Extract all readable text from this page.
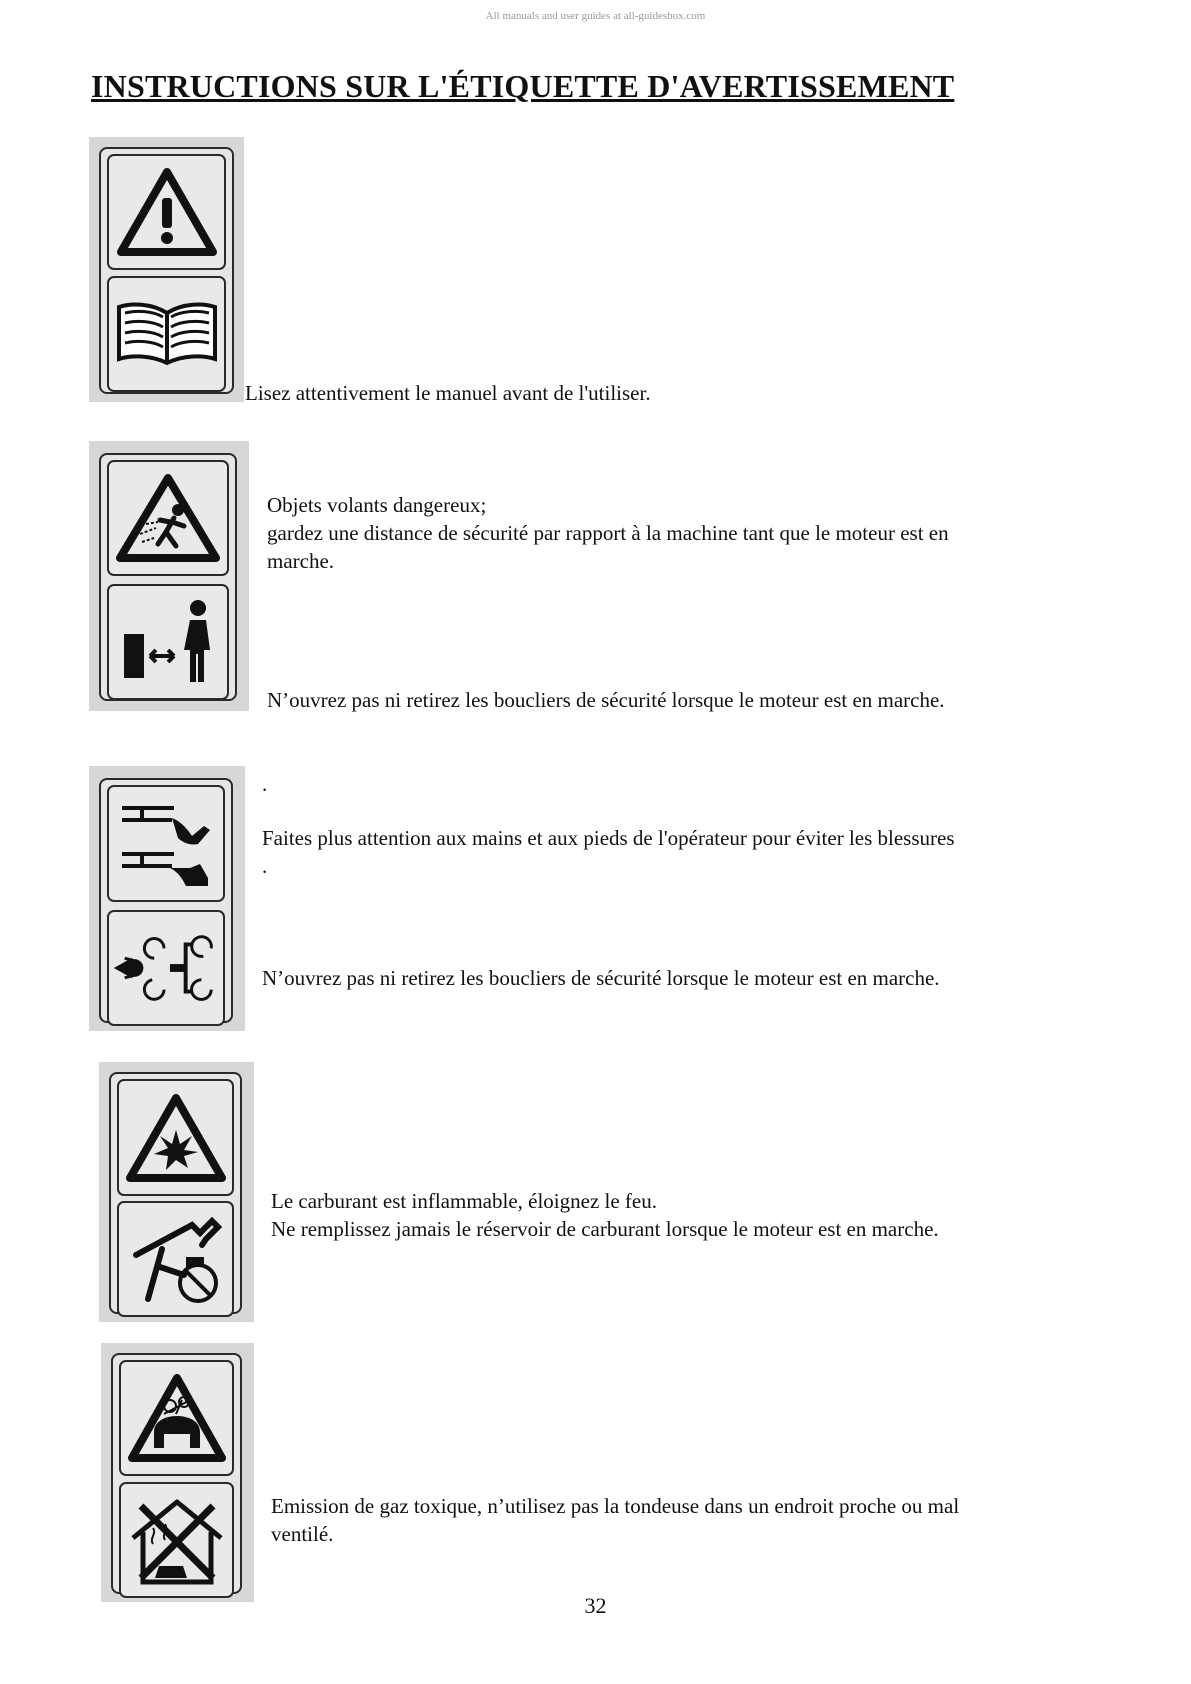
All manuals and user guides at all-guidesbox.com
INSTRUCTIONS SUR L'ÉTIQUETTE D'AVERTISSEMENT

Lisez attentivement le manuel avant de l'utiliser.

Objets volants dangereux;

gardez une distance de sécurité par rapport à la machine tant que le moteur est en

marche.

N’ouvrez pas ni retirez les boucliers de sécurité lorsque le moteur est en marche.

.

Faites plus attention aux mains et aux pieds de l'opérateur pour éviter les blessures

.

N’ouvrez pas ni retirez les boucliers de sécurité lorsque le moteur est en marche.

Le carburant est inflammable, éloignez le feu.

Ne remplissez jamais le réservoir de carburant lorsque le moteur est en marche.

Emission de gaz toxique, n’utilisez pas la tondeuse dans un endroit proche ou mal

ventilé.

32
